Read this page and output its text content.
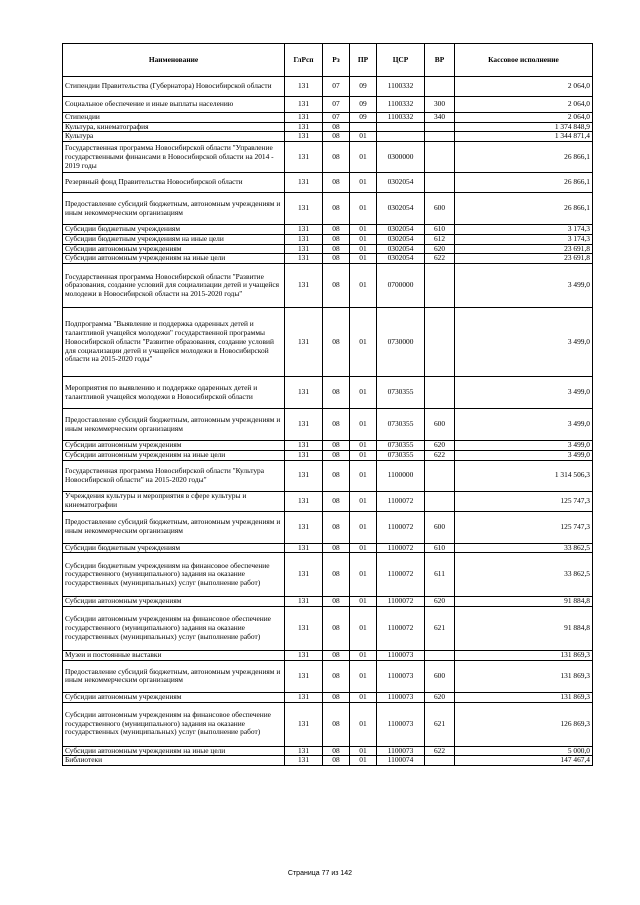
Наименование	ГлРсп	Рз	ПР	ЦСР	ВР	Кассовое исполнение
Стипендии Правительства (Губернатора) Новосибирской области	131	07	09	1100332		2 064,0
Социальное обеспечение и иные выплаты населению	131	07	09	1100332	300	2 064,0
Стипендии	131	07	09	1100332	340	2 064,0
Культура, кинематография	131	08				1 374 848,9
Культура	131	08	01			1 344 871,4
Государственная программа Новосибирской области "Управление государственными финансами в Новосибирской области на 2014 - 2019 годы	131	08	01	0300000		26 866,1
Резервный фонд Правительства Новосибирской области	131	08	01	0302054		26 866,1
Предоставление субсидий бюджетным, автономным учреждениям и иным некоммерческим организациям	131	08	01	0302054	600	26 866,1
Субсидии бюджетным учреждениям	131	08	01	0302054	610	3 174,3
Субсидии бюджетным учреждениям на иные цели	131	08	01	0302054	612	3 174,3
Субсидии автономным учреждениям	131	08	01	0302054	620	23 691,8
Субсидии автономным учреждениям на иные цели	131	08	01	0302054	622	23 691,8
Государственная программа Новосибирской области "Развитие образования, создание условий для социализации детей и учащейся молодежи в Новосибирской области на 2015-2020 годы"	131	08	01	0700000		3 499,0
Подпрограмма "Выявление и поддержка одаренных детей и талантливой учащейся молодежи" государственной программы Новосибирской области "Развитие образования, создание условий для социализации детей и учащейся молодежи в Новосибирской области на 2015-2020 годы"	131	08	01	0730000		3 499,0
Мероприятия по выявлению и поддержке одаренных детей и талантливой учащейся молодежи в Новосибирской области	131	08	01	0730355		3 499,0
Предоставление субсидий бюджетным, автономным учреждениям и иным некоммерческим организациям	131	08	01	0730355	600	3 499,0
Субсидии автономным учреждениям	131	08	01	0730355	620	3 499,0
Субсидии автономным учреждениям на иные цели	131	08	01	0730355	622	3 499,0
Государственная программа Новосибирской области "Культура Новосибирской области" на 2015-2020 годы"	131	08	01	1100000		1 314 506,3
Учреждения культуры и мероприятия в сфере культуры и кинематографии	131	08	01	1100072		125 747,3
Предоставление субсидий бюджетным, автономным учреждениям и иным некоммерческим организациям	131	08	01	1100072	600	125 747,3
Субсидии бюджетным учреждениям	131	08	01	1100072	610	33 862,5
Субсидии бюджетным учреждениям на финансовое обеспечение государственного (муниципального) задания на оказание государственных (муниципальных) услуг (выполнение работ)	131	08	01	1100072	611	33 862,5
Субсидии автономным учреждениям	131	08	01	1100072	620	91 884,8
Субсидии автономным учреждениям на финансовое обеспечение государственного (муниципального) задания на оказание государственных (муниципальных) услуг (выполнение работ)	131	08	01	1100072	621	91 884,8
Музеи и постоянные выставки	131	08	01	1100073		131 869,3
Предоставление субсидий бюджетным, автономным учреждениям и иным некоммерческим организациям	131	08	01	1100073	600	131 869,3
Субсидии автономным учреждениям	131	08	01	1100073	620	131 869,3
Субсидии автономным учреждениям на финансовое обеспечение государственного (муниципального) задания на оказание государственных (муниципальных) услуг (выполнение работ)	131	08	01	1100073	621	126 869,3
Субсидии автономным учреждениям на иные цели	131	08	01	1100073	622	5 000,0
Библиотеки	131	08	01	1100074		147 467,4
Страница 77 из 142
